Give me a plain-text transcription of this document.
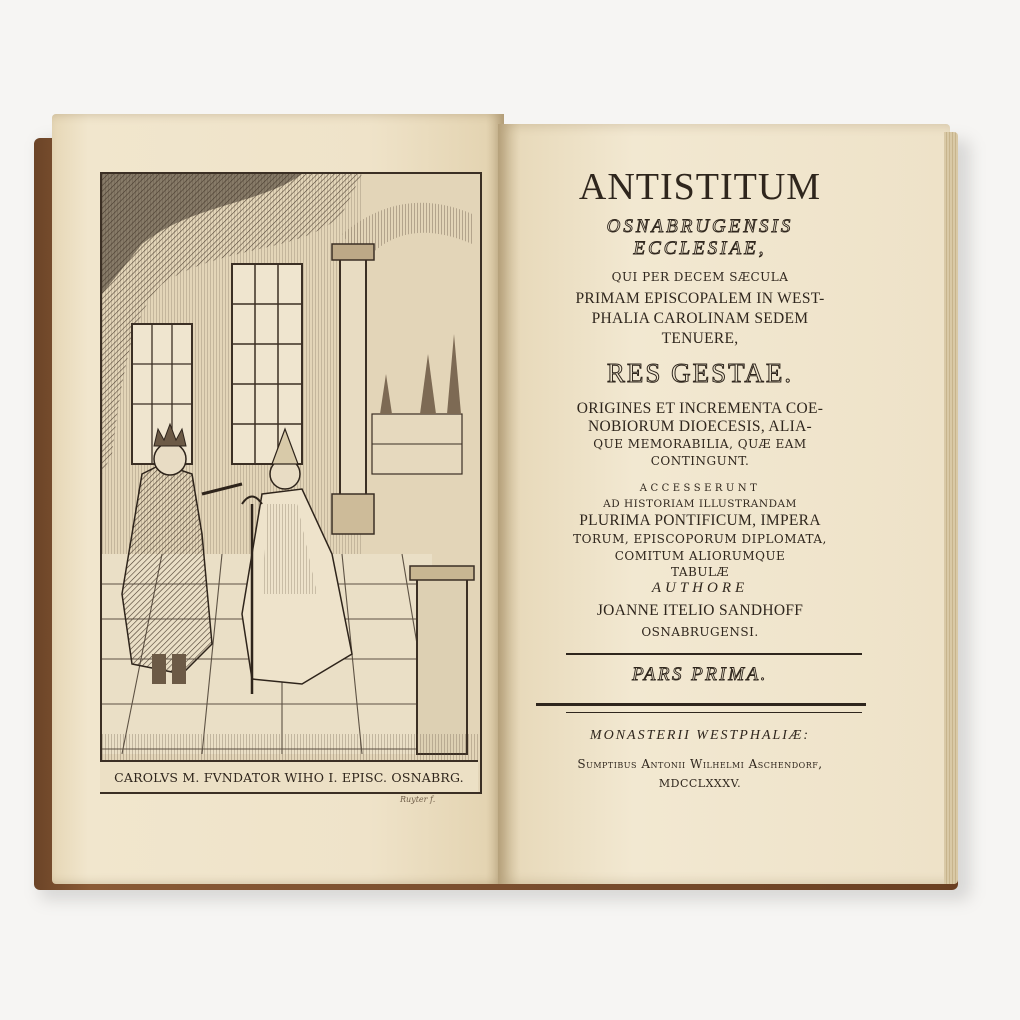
CAROLVS M. FVNDATOR WIHO I. EPISC. OSNABRG.
Ruyter f.
ANTISTITUM
OSNABRUGENSIS
ECCLESIAE,
QUI PER DECEM SÆCULA
PRIMAM EPISCOPALEM IN WEST-
PHALIA CAROLINAM SEDEM
TENUERE,
RES GESTAE.
ORIGINES ET INCREMENTA COE-
NOBIORUM DIOECESIS, ALIA-
QUE MEMORABILIA, QUÆ EAM
CONTINGUNT.
ACCESSERUNT
AD HISTORIAM ILLUSTRANDAM
PLURIMA PONTIFICUM, IMPERA
TORUM, EPISCOPORUM DIPLOMATA,
COMITUM ALIORUMQUE
TABULÆ
AUTHORE
JOANNE ITELIO SANDHOFF
OSNABRUGENSI.
PARS PRIMA.
MONASTERII WESTPHALIÆ:
Sumptibus Antonii Wilhelmi Aschendorf,
MDCCLXXXV.
